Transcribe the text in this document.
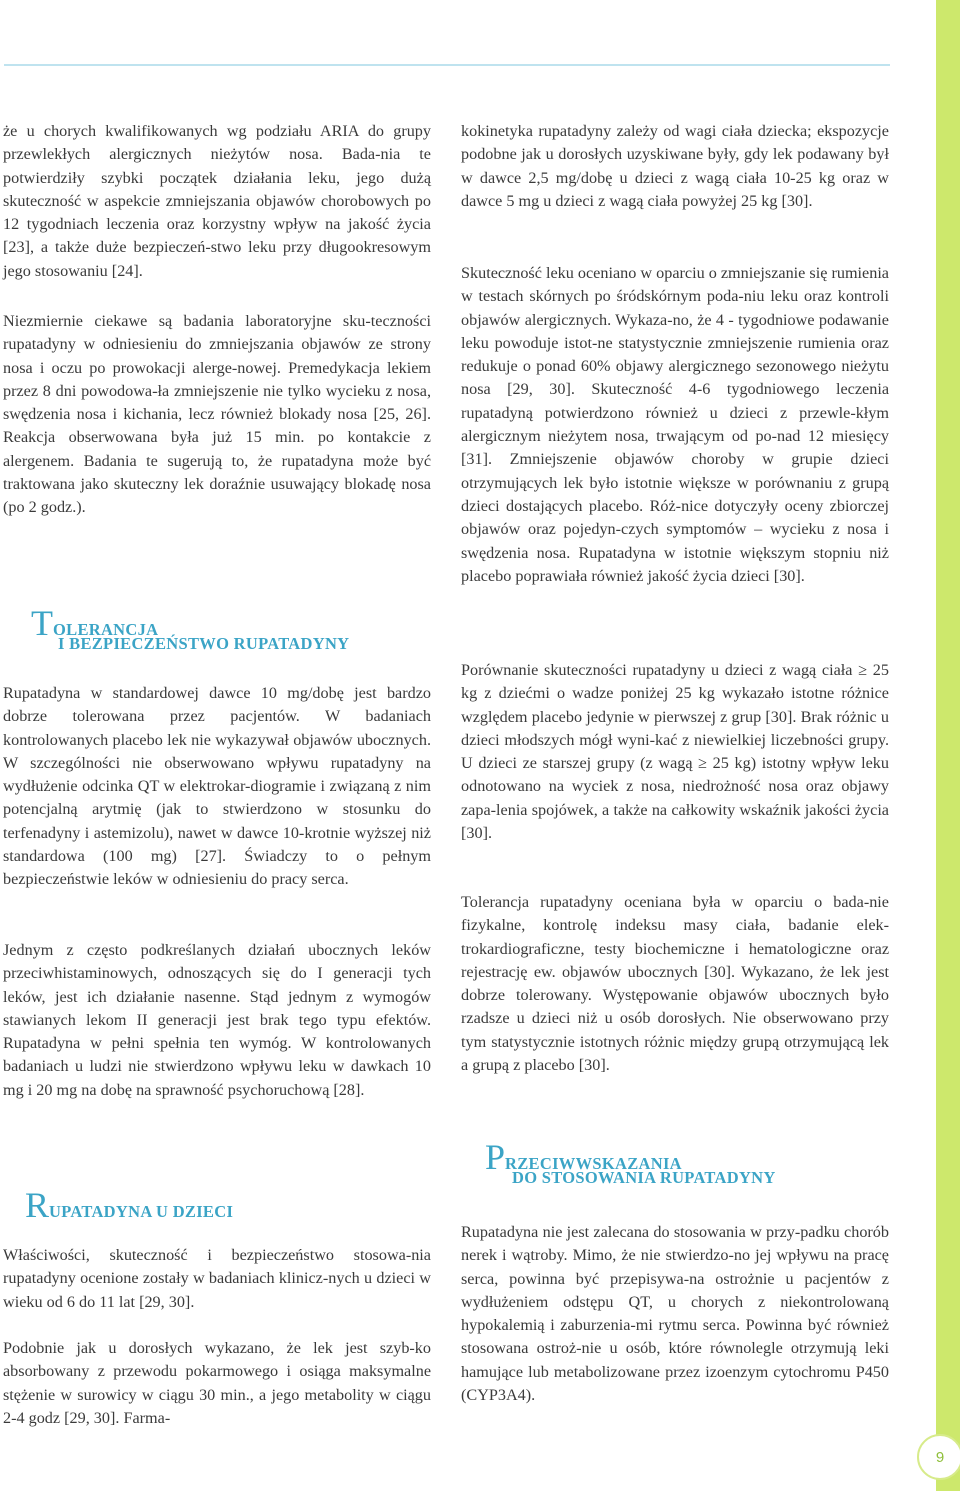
że u chorych kwalifikowanych wg podziału ARIA do grupy przewlekłych alergicznych nieżytów nosa. Bada-nia te potwierdziły szybki początek działania leku, jego dużą skuteczność w aspekcie zmniejszania objawów chorobowych po 12 tygodniach leczenia oraz korzystny wpływ na jakość życia [23], a także duże bezpieczeń-stwo leku przy długookresowym jego stosowaniu [24].

Niezmiernie ciekawe są badania laboratoryjne sku-teczności rupatadyny w odniesieniu do zmniejszania objawów ze strony nosa i oczu po prowokacji alerge-nowej. Premedykacja lekiem przez 8 dni powodowa-ła zmniejszenie nie tylko wycieku z nosa, swędzenia nosa i kichania, lecz również blokady nosa [25, 26]. Reakcja obserwowana była już 15 min. po kontakcie z alergenem. Badania te sugerują to, że rupatadyna może być traktowana jako skuteczny lek doraźnie usuwający blokadę nosa (po 2 godz.).

TOLERANCJA
I BEZPIECZEŃSTWO RUPATADYNY

Rupatadyna w standardowej dawce 10 mg/dobę jest bardzo dobrze tolerowana przez pacjentów. W badaniach kontrolowanych placebo lek nie wykazywał objawów ubocznych. W szczególności nie obserwowano wpływu rupatadyny na wydłużenie odcinka QT w elektrokar-diogramie i związaną z nim potencjalną arytmię (jak to stwierdzono w stosunku do terfenadyny i astemizolu), nawet w dawce 10-krotnie wyższej niż standardowa (100 mg) [27]. Świadczy to o pełnym bezpieczeństwie leków w odniesieniu do pracy serca.

Jednym z często podkreślanych działań ubocznych leków przeciwhistaminowych, odnoszących się do I generacji tych leków, jest ich działanie nasenne. Stąd jednym z wymogów stawianych lekom II generacji jest brak tego typu efektów. Rupatadyna w pełni spełnia ten wymóg. W kontrolowanych badaniach u ludzi nie stwierdzono wpływu leku w dawkach 10 mg i 20 mg na dobę na sprawność psychoruchową [28].

RUPATADYNA U DZIECI

Właściwości, skuteczność i bezpieczeństwo stosowa-nia rupatadyny ocenione zostały w badaniach klinicz-nych u dzieci w wieku od 6 do 11 lat [29, 30].

Podobnie jak u dorosłych wykazano, że lek jest szyb-ko absorbowany z przewodu pokarmowego i osiąga maksymalne stężenie w surowicy w ciągu 30 min., a jego metabolity w ciągu 2-4 godz [29, 30]. Farma-

kokinetyka rupatadyny zależy od wagi ciała dziecka; ekspozycje podobne jak u dorosłych uzyskiwane były, gdy lek podawany był w dawce 2,5 mg/dobę u dzieci z wagą ciała 10-25 kg oraz w dawce 5 mg u dzieci z wagą ciała powyżej 25 kg [30].

Skuteczność leku oceniano w oparciu o zmniejszanie się rumienia w testach skórnych po śródskórnym poda-niu leku oraz kontroli objawów alergicznych. Wykaza-no, że 4 - tygodniowe podawanie leku powoduje istot-ne statystycznie zmniejszenie rumienia oraz redukuje o ponad 60% objawy alergicznego sezonowego nieżytu nosa [29, 30]. Skuteczność 4-6 tygodniowego leczenia rupatadyną potwierdzono również u dzieci z przewle-kłym alergicznym nieżytem nosa, trwającym od po-nad 12 miesięcy [31]. Zmniejszenie objawów choroby w grupie dzieci otrzymujących lek było istotnie większe w porównaniu z grupą dzieci dostających placebo. Róż-nice dotyczyły oceny zbiorczej objawów oraz pojedyn-czych symptomów – wycieku z nosa i swędzenia nosa. Rupatadyna w istotnie większym stopniu niż placebo poprawiała również jakość życia dzieci [30].

Porównanie skuteczności rupatadyny u dzieci z wagą ciała ≥ 25 kg z dziećmi o wadze poniżej 25 kg wykazało istotne różnice względem placebo jedynie w pierwszej z grup [30]. Brak różnic u dzieci młodszych mógł wyni-kać z niewielkiej liczebności grupy. U dzieci ze starszej grupy (z wagą ≥ 25 kg) istotny wpływ leku odnotowano na wyciek z nosa, niedrożność nosa oraz objawy zapa-lenia spojówek, a także na całkowity wskaźnik jakości życia [30].

Tolerancja rupatadyny oceniana była w oparciu o bada-nie fizykalne, kontrolę indeksu masy ciała, badanie elek-trokardiograficzne, testy biochemiczne i hematologiczne oraz rejestrację ew. objawów ubocznych [30]. Wykazano, że lek jest dobrze tolerowany. Występowanie objawów ubocznych było rzadsze u dzieci niż u osób dorosłych. Nie obserwowano przy tym statystycznie istotnych różnic między grupą otrzymującą lek a grupą z placebo [30].

PRZECIWWSKAZANIA
DO STOSOWANIA RUPATADYNY

Rupatadyna nie jest zalecana do stosowania w przy-padku chorób nerek i wątroby. Mimo, że nie stwierdzo-no jej wpływu na pracę serca, powinna być przepisywa-na ostrożnie u pacjentów z wydłużeniem odstępu QT, u chorych z niekontrolowaną hypokalemią i zaburzenia-mi rytmu serca. Powinna być również stosowana ostroż-nie u osób, które równolegle otrzymują leki hamujące lub metabolizowane przez izoenzym cytochromu P450 (CYP3A4).

9
